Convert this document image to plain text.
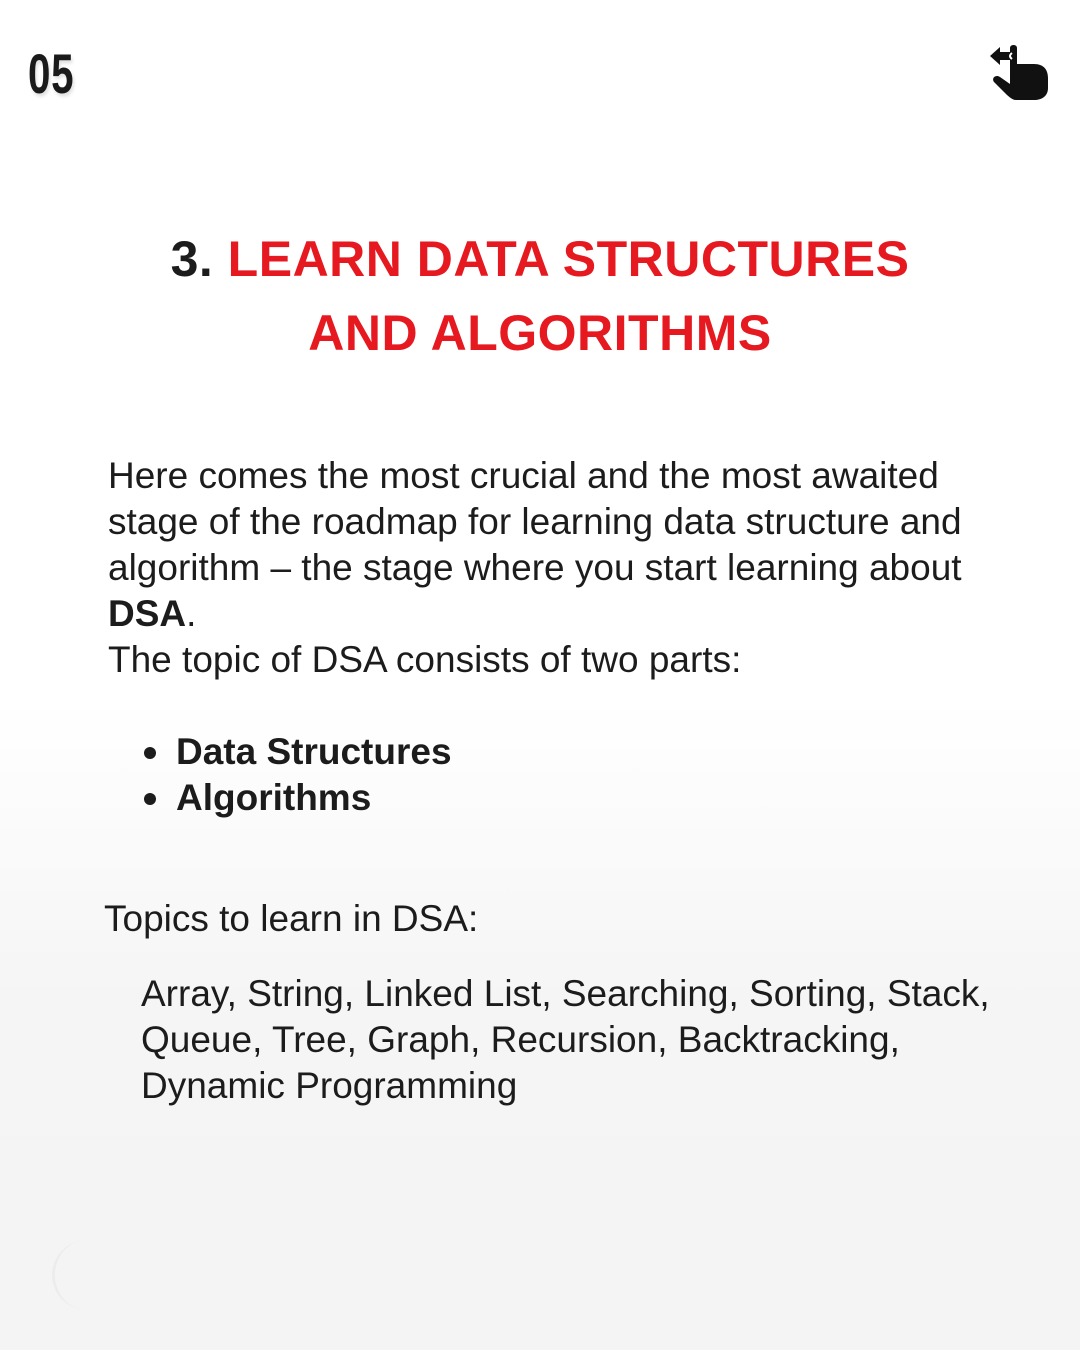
05
3. LEARN DATA STRUCTURES
AND ALGORITHMS
Here comes the most crucial and the most awaited stage of the roadmap for learning data structure and algorithm – the stage where you start learning about DSA.
The topic of DSA consists of two parts:
Data Structures
Algorithms
Topics to learn in DSA:
Array, String, Linked List, Searching, Sorting, Stack, Queue, Tree, Graph, Recursion, Backtracking, Dynamic Programming
